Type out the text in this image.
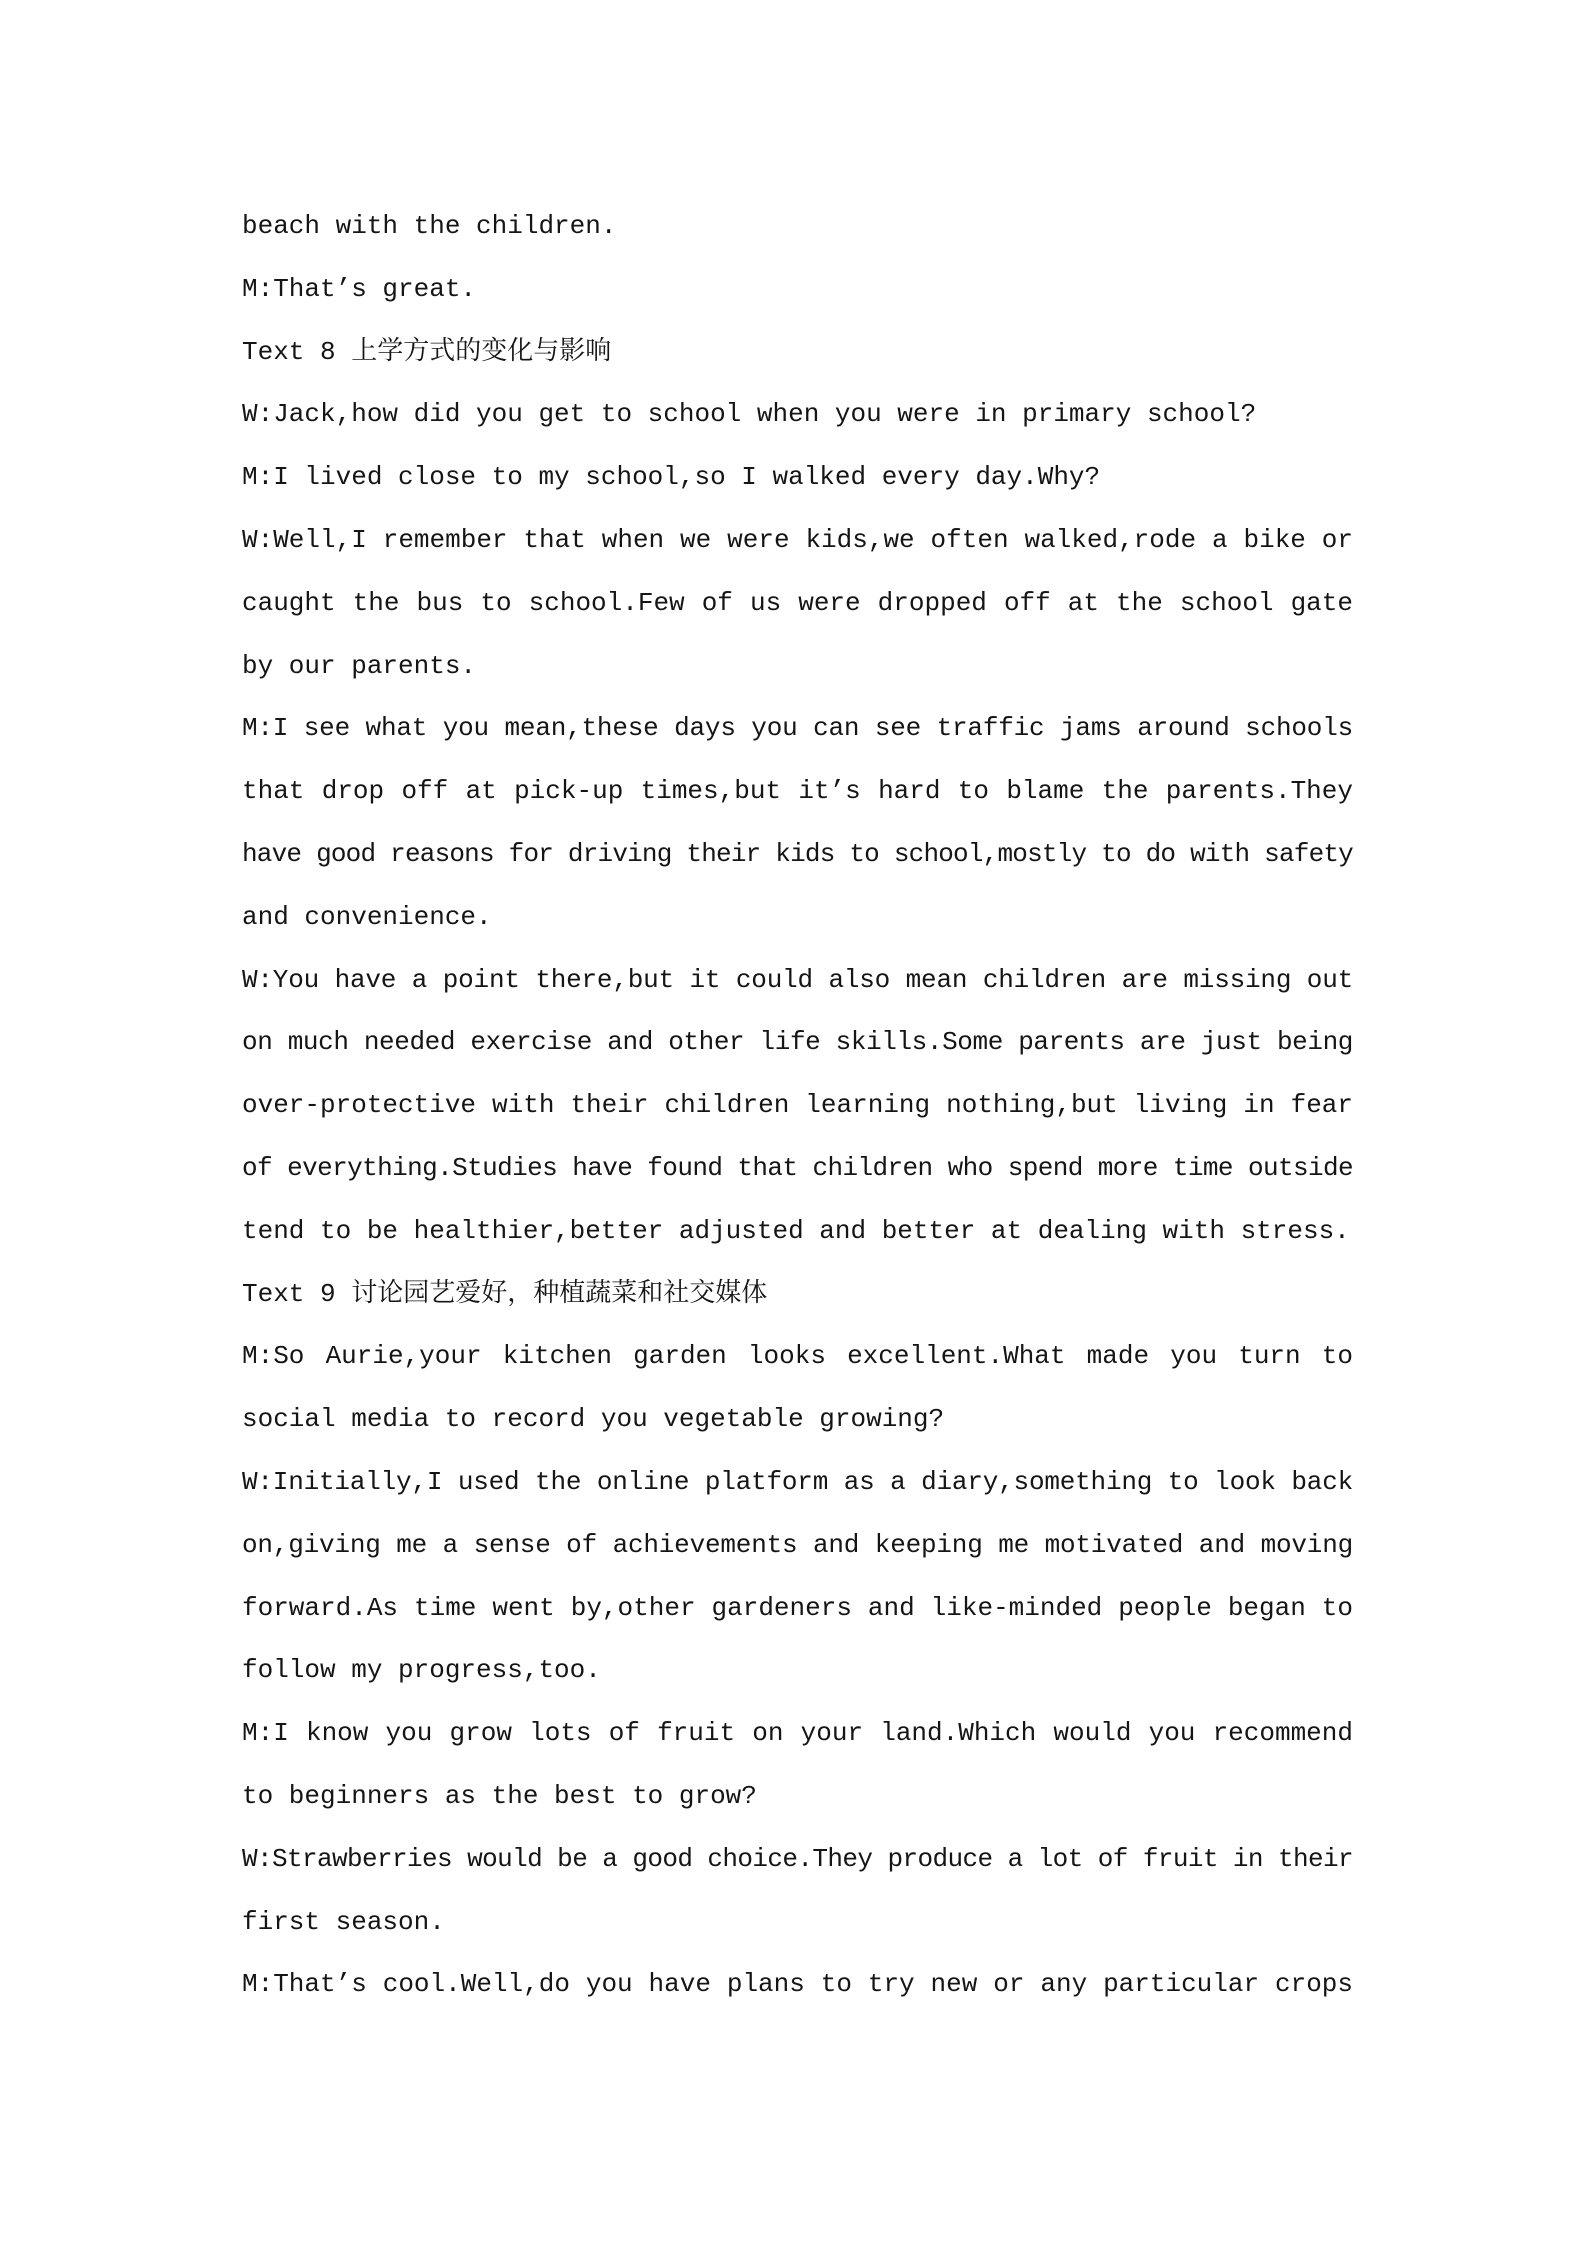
beach with the children.
M:That’s great.
Text 8 上学方式的变化与影响
W:Jack,how did you get to school when you were in primary school?
M:I lived close to my school,so I walked every day.Why?
W:Well,I remember that when we were kids,we often walked,rode a bike or
caught the bus to school.Few of us were dropped off at the school gate
by our parents.
M:I see what you mean,these days you can see traffic jams around schools
that drop off at pick-up times,but it’s hard to blame the parents.They
have good reasons for driving their kids to school,mostly to do with safety
and convenience.
W:You have a point there,but it could also mean children are missing out
on much needed exercise and other life skills.Some parents are just being
over-protective with their children learning nothing,but living in fear
of everything.Studies have found that children who spend more time outside
tend to be healthier,better adjusted and better at dealing with stress.
Text 9 讨论园艺爱好，种植蔬菜和社交媒体
M:So Aurie,your kitchen garden looks excellent.What made you turn to
social media to record you vegetable growing?
W:Initially,I used the online platform as a diary,something to look back
on,giving me a sense of achievements and keeping me motivated and moving
forward.As time went by,other gardeners and like-minded people began to
follow my progress,too.
M:I know you grow lots of fruit on your land.Which would you recommend
to beginners as the best to grow?
W:Strawberries would be a good choice.They produce a lot of fruit in their
first season.
M:That’s cool.Well,do you have plans to try new or any particular crops
